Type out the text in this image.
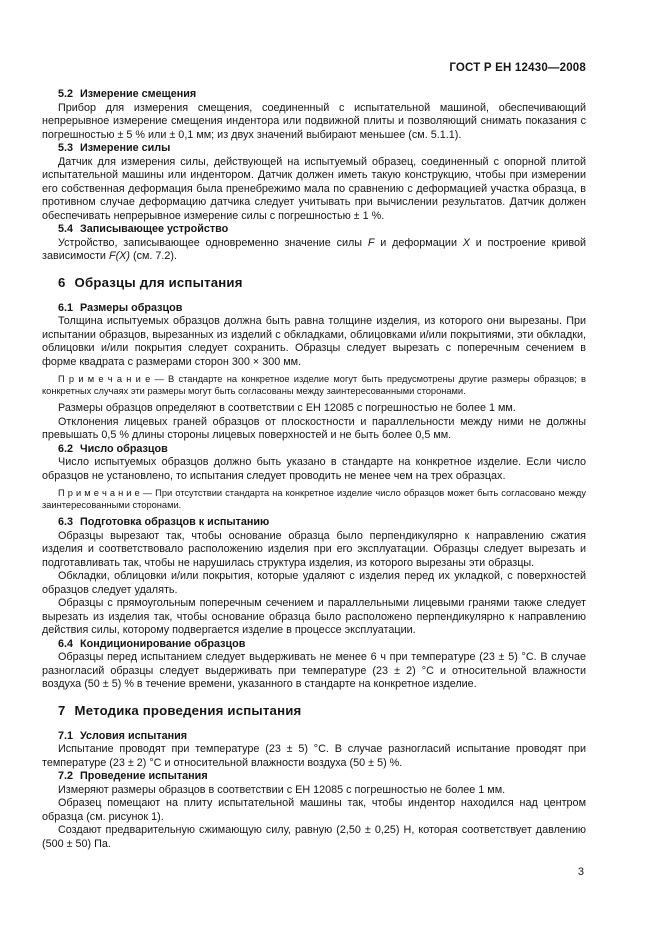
ГОСТ Р ЕН 12430—2008

5.2 Измерение смещения

Прибор для измерения смещения, соединенный с испытательной машиной, обеспечивающий непрерывное измерение смещения индентора или подвижной плиты и позволяющий снимать показания с погрешностью ± 5 % или ± 0,1 мм; из двух значений выбирают меньшее (см. 5.1.1).

5.3 Измерение силы

Датчик для измерения силы, действующей на испытуемый образец, соединенный с опорной плитой испытательной машины или индентором. Датчик должен иметь такую конструкцию, чтобы при измерении его собственная деформация была пренебрежимо мала по сравнению с деформацией участка образца, в противном случае деформацию датчика следует учитывать при вычислении результатов. Датчик должен обеспечивать непрерывное измерение силы с погрешностью ± 1 %.

5.4 Записывающее устройство

Устройство, записывающее одновременно значение силы F и деформации X и построение кривой зависимости F(X) (см. 7.2).

6 Образцы для испытания

6.1 Размеры образцов

Толщина испытуемых образцов должна быть равна толщине изделия, из которого они вырезаны. При испытании образцов, вырезанных из изделий с обкладками, облицовками и/или покрытиями, эти обкладки, облицовки и/или покрытия следует сохранить. Образцы следует вырезать с поперечным сечением в форме квадрата с размерами сторон 300 × 300 мм.

П р и м е ч а н и е — В стандарте на конкретное изделие могут быть предусмотрены другие размеры образцов; в конкретных случаях эти размеры могут быть согласованы между заинтересованными сторонами.

Размеры образцов определяют в соответствии с ЕН 12085 с погрешностью не более 1 мм.

Отклонения лицевых граней образцов от плоскостности и параллельности между ними не должны превышать 0,5 % длины стороны лицевых поверхностей и не быть более 0,5 мм.

6.2 Число образцов

Число испытуемых образцов должно быть указано в стандарте на конкретное изделие. Если число образцов не установлено, то испытания следует проводить не менее чем на трех образцах.

П р и м е ч а н и е — При отсутствии стандарта на конкретное изделие число образцов может быть согласовано между заинтересованными сторонами.

6.3 Подготовка образцов к испытанию

Образцы вырезают так, чтобы основание образца было перпендикулярно к направлению сжатия изделия и соответствовало расположению изделия при его эксплуатации. Образцы следует вырезать и подготавливать так, чтобы не нарушилась структура изделия, из которого вырезаны эти образцы.

Обкладки, облицовки и/или покрытия, которые удаляют с изделия перед их укладкой, с поверхностей образцов следует удалять.

Образцы с прямоугольным поперечным сечением и параллельными лицевыми гранями также следует вырезать из изделия так, чтобы основание образца было расположено перпендикулярно к направлению действия силы, которому подвергается изделие в процессе эксплуатации.

6.4 Кондиционирование образцов

Образцы перед испытанием следует выдерживать не менее 6 ч при температуре (23 ± 5) °С. В случае разногласий образцы следует выдерживать при температуре (23 ± 2) °С и относительной влажности воздуха (50 ± 5) % в течение времени, указанного в стандарте на конкретное изделие.

7 Методика проведения испытания

7.1 Условия испытания

Испытание проводят при температуре (23 ± 5) °С. В случае разногласий испытание проводят при температуре (23 ± 2) °С и относительной влажности воздуха (50 ± 5) %.

7.2 Проведение испытания

Измеряют размеры образцов в соответствии с ЕН 12085 с погрешностью не более 1 мм.

Образец помещают на плиту испытательной машины так, чтобы индентор находился над центром образца (см. рисунок 1).

Создают предварительную сжимающую силу, равную (2,50 ± 0,25) Н, которая соответствует давлению (500 ± 50) Па.

3
